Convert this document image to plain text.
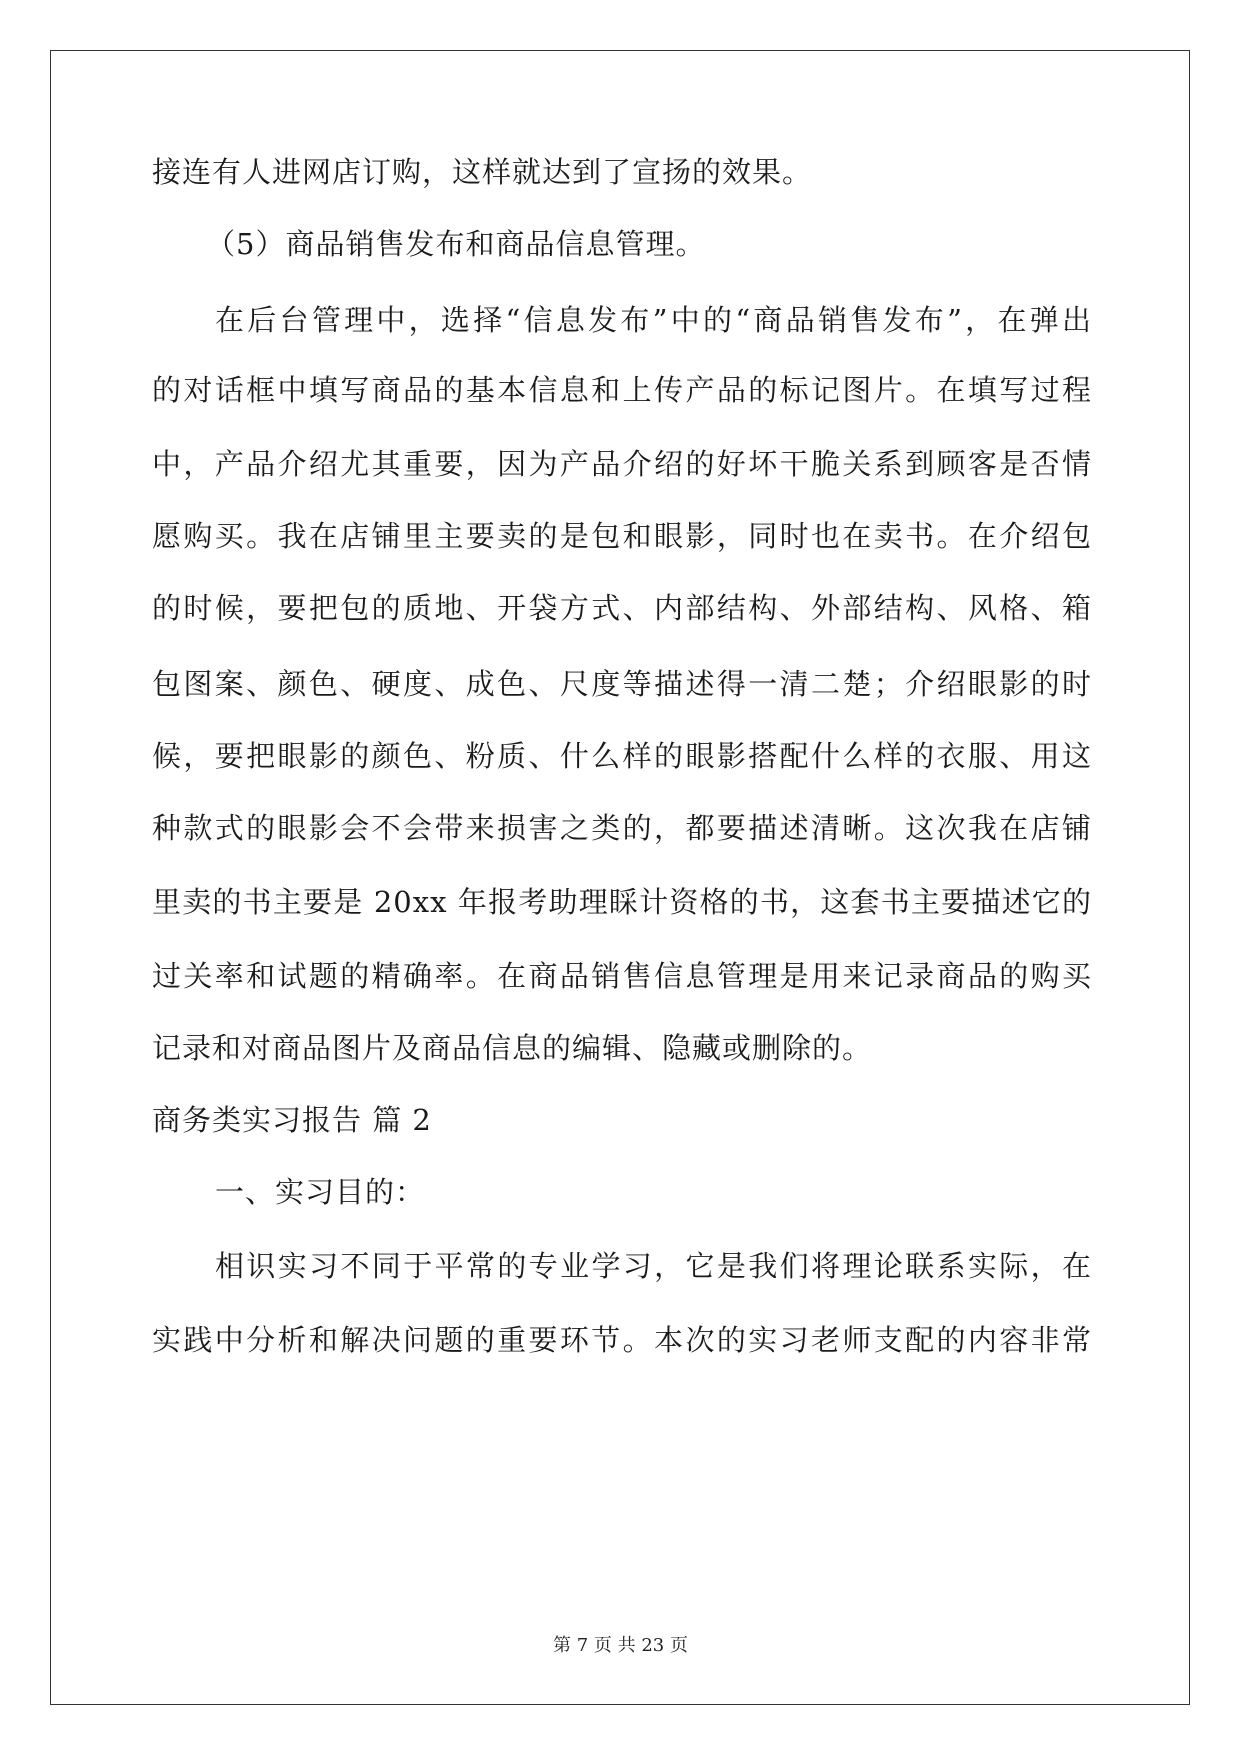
接连有人进网店订购，这样就达到了宣扬的效果。
（5）商品销售发布和商品信息管理。
在后台管理中，选择“信息发布”中的“商品销售发布”，在弹出
的对话框中填写商品的基本信息和上传产品的标记图片。在填写过程
中，产品介绍尤其重要，因为产品介绍的好坏干脆关系到顾客是否情
愿购买。我在店铺里主要卖的是包和眼影，同时也在卖书。在介绍包
的时候，要把包的质地、开袋方式、内部结构、外部结构、风格、箱
包图案、颜色、硬度、成色、尺度等描述得一清二楚；介绍眼影的时
候，要把眼影的颜色、粉质、什么样的眼影搭配什么样的衣服、用这
种款式的眼影会不会带来损害之类的，都要描述清晰。这次我在店铺
里卖的书主要是 20xx 年报考助理睬计资格的书，这套书主要描述它的
过关率和试题的精确率。在商品销售信息管理是用来记录商品的购买
记录和对商品图片及商品信息的编辑、隐藏或删除的。
商务类实习报告 篇 2
一、实习目的：
相识实习不同于平常的专业学习，它是我们将理论联系实际，在
实践中分析和解决问题的重要环节。本次的实习老师支配的内容非常
第 7 页 共 23 页
